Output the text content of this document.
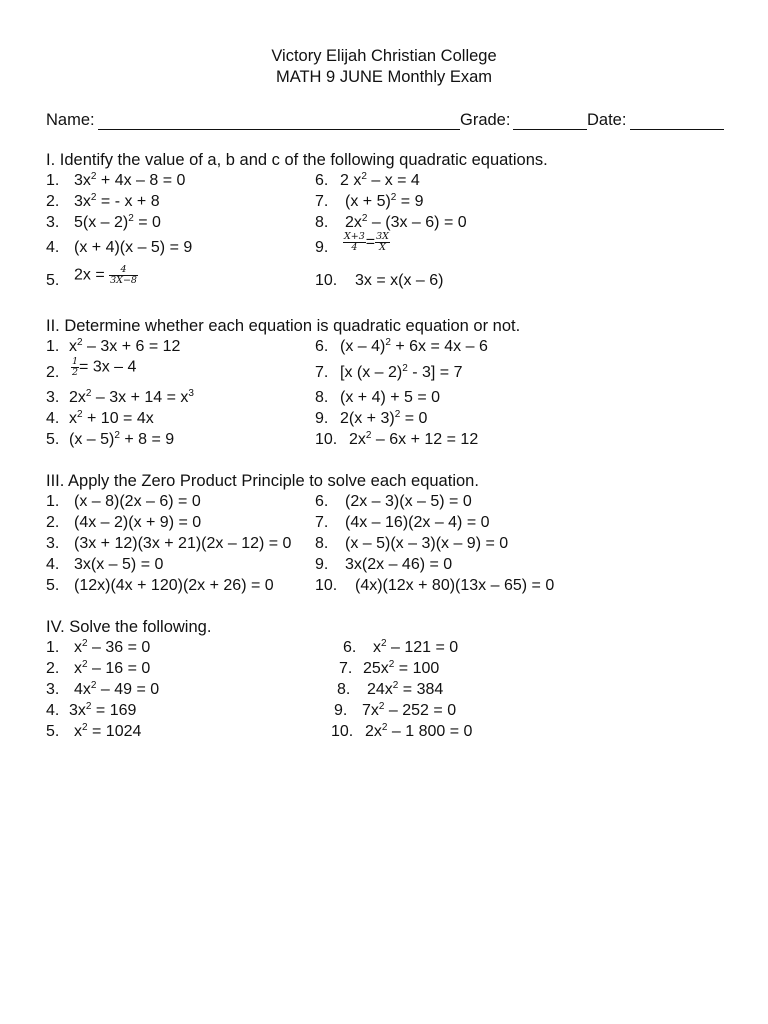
Victory Elijah Christian College
MATH 9 JUNE Monthly Exam
Name:	Grade:	Date:
I. Identify the value of a, b and c of the following quadratic equations.
1. $3x^2 + 4x - 8 = 0$
2. $3x^2$ = - x + 8
3. 5(x – 2)$^2$ = 0
4. (x + 4)(x – 5) = 9
5. $2x = \frac{4}{3X-8}$
6. 2 $x^2 - x = 4$
7. $(x + 5)^2 = 9$
8. $2x^2 - (3x - 6) = 0$
9. $\frac{X+3}{4} = \frac{3X}{X}$
10. 3x = x(x – 6)
II. Determine whether each equation is quadratic equation or not.
1. $x^2 - 3x + 6 = 12$
2. $\frac{1}{2} = 3x - 4$
3. $2x^2 - 3x + 14 = x^3$
4. $x^2 + 10 = 4x$
5. (x – 5)$^2$ + 8 = 9
6. (x – 4)$^2$ + 6x = 4x – 6
7. [x (x – 2)$^2$ - 3] = 7
8. (x + 4) + 5 = 0
9. $2(x + 3)^2 = 0$
10. $2x^2 - 6x + 12 = 12$
III. Apply the Zero Product Principle to solve each equation.
1. (x – 8)(2x – 6) = 0
2. (4x – 2)(x + 9) = 0
3. (3x + 12)(3x + 21)(2x – 12) = 0
4. 3x(x – 5) = 0
5. (12x)(4x + 120)(2x + 26) = 0
6. (2x – 3)(x – 5) = 0
7. (4x – 16)(2x – 4) = 0
8. (x – 5)(x – 3)(x – 9) = 0
9. 3x(2x – 46) = 0
10. (4x)(12x + 80)(13x – 65) = 0
IV. Solve the following.
1. $x^2 - 36 = 0$
2. $x^2 - 16 = 0$
3. $4x^2 - 49 = 0$
4. $3x^2 = 169$
5. $x^2 = 1024$
6. $x^2 - 121 = 0$
7. $25x^2 = 100$
8. $24x^2 = 384$
9. $7x^2 - 252 = 0$
10. $2x^2 - 1$ 800 = 0
